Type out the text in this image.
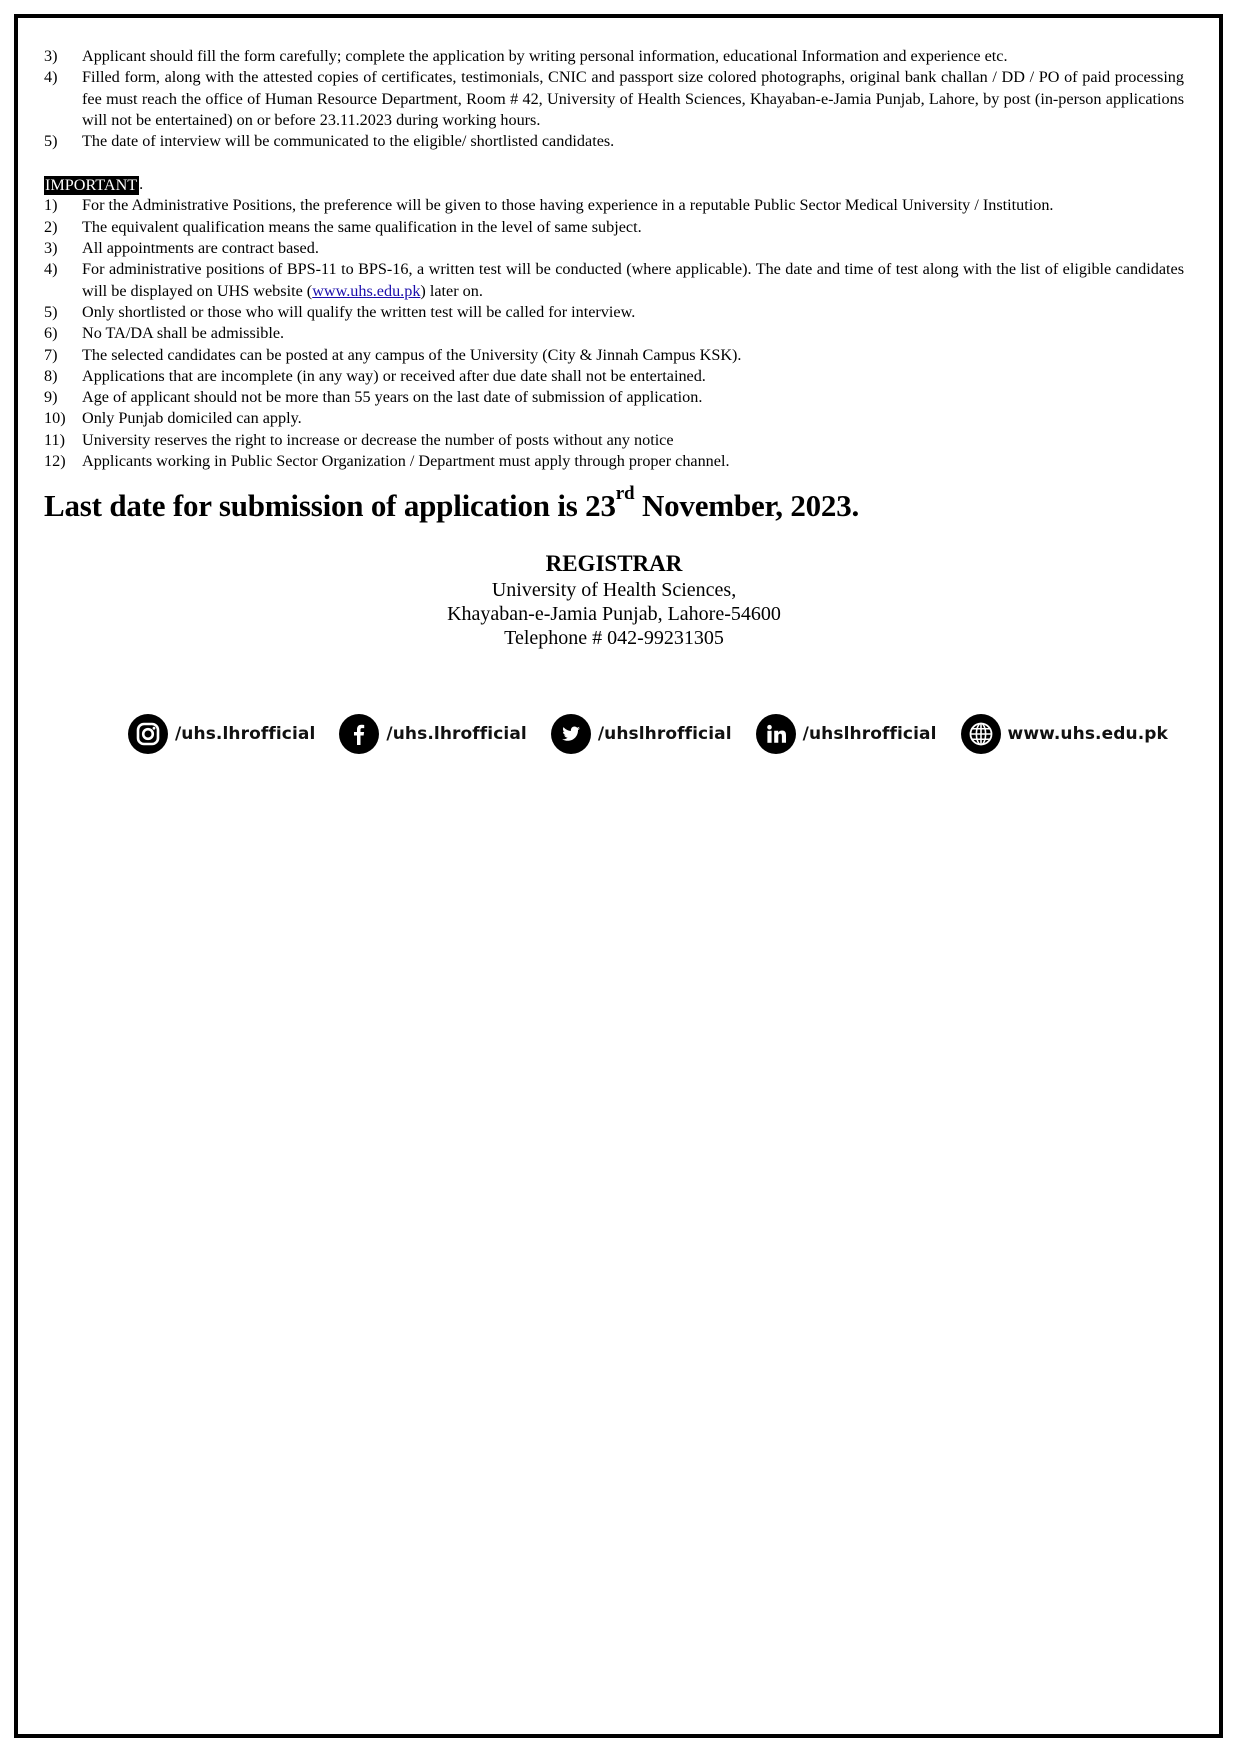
3)	Applicant should fill the form carefully; complete the application by writing personal information, educational Information and experience etc.
4)	Filled form, along with the attested copies of certificates, testimonials, CNIC and passport size colored photographs, original bank challan / DD / PO of paid processing fee must reach the office of Human Resource Department, Room # 42, University of Health Sciences, Khayaban-e-Jamia Punjab, Lahore, by post (in-person applications will not be entertained) on or before 23.11.2023 during working hours.
5)	The date of interview will be communicated to the eligible/ shortlisted candidates.
IMPORTANT .
1)	For the Administrative Positions, the preference will be given to those having experience in a reputable Public Sector Medical University / Institution.
2)	The equivalent qualification means the same qualification in the level of same subject.
3)	All appointments are contract based.
4)	For administrative positions of BPS-11 to BPS-16, a written test will be conducted (where applicable). The date and time of test along with the list of eligible candidates will be displayed on UHS website (www.uhs.edu.pk) later on.
5)	Only shortlisted or those who will qualify the written test will be called for interview.
6)	No TA/DA shall be admissible.
7)	The selected candidates can be posted at any campus of the University (City & Jinnah Campus KSK).
8)	Applications that are incomplete (in any way) or received after due date shall not be entertained.
9)	Age of applicant should not be more than 55 years on the last date of submission of application.
10)	Only Punjab domiciled can apply.
11)	University reserves the right to increase or decrease the number of posts without any notice
12)	Applicants working in Public Sector Organization / Department must apply through proper channel.
Last date for submission of application is 23rd November, 2023.
REGISTRAR
University of Health Sciences,
Khayaban-e-Jamia Punjab, Lahore-54600
Telephone # 042-99231305
/uhs.lhrofficial	/uhs.lhrofficial	/uhslhrofficial	/uhslhrofficial	www.uhs.edu.pk
